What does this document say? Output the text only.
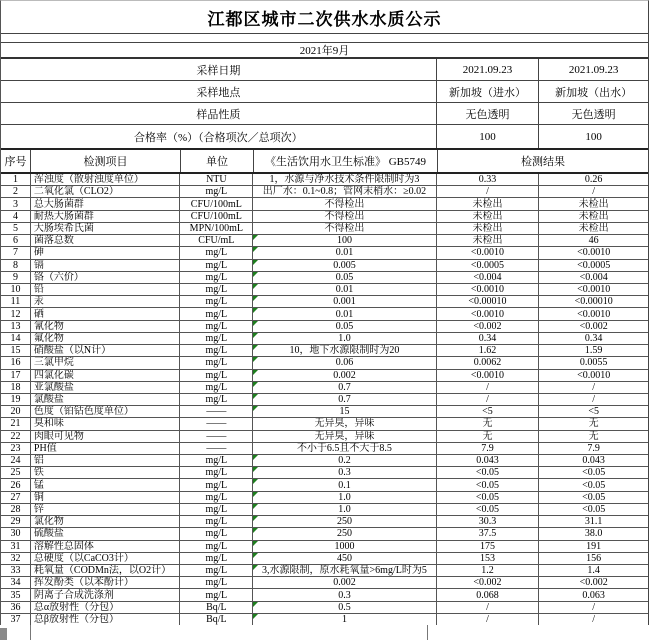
江都区城市二次供水水质公示
2021年9月
采样日期	2021.09.23	2021.09.23
采样地点	新加坡（进水）	新加坡（出水）
样品性质	无色透明	无色透明
合格率（%）（合格项次／总项次）	100	100
序号	检测项目	单位	《生活饮用水卫生标准》 GB5749	检测结果
1	浑浊度（散射浊度单位）	NTU	1，水源与净水技术条件限制时为3	0.33	0.26
2	二氧化氯（CLO2）	mg/L	出厂水：0.1~0.8；管网末梢水：≥0.02	/	/
3	总大肠菌群	CFU/100mL	不得检出	未检出	未检出
4	耐热大肠菌群	CFU/100mL	不得检出	未检出	未检出
5	大肠埃希氏菌	MPN/100mL	不得检出	未检出	未检出
6	菌落总数	CFU/mL	100	未检出	46
7	砷	mg/L	0.01	<0.0010	<0.0010
8	镉	mg/L	0.005	<0.0005	<0.0005
9	铬（六价）	mg/L	0.05	<0.004	<0.004
10	铅	mg/L	0.01	<0.0010	<0.0010
11	汞	mg/L	0.001	<0.00010	<0.00010
12	硒	mg/L	0.01	<0.0010	<0.0010
13	氰化物	mg/L	0.05	<0.002	<0.002
14	氟化物	mg/L	1.0	0.34	0.34
15	硝酸盐（以N计）	mg/L	10，地下水源限制时为20	1.62	1.59
16	三氯甲烷	mg/L	0.06	0.0062	0.0055
17	四氯化碳	mg/L	0.002	<0.0010	<0.0010
18	亚氯酸盐	mg/L	0.7	/	/
19	氯酸盐	mg/L	0.7	/	/
20	色度（铂钴色度单位）	——	15	<5	<5
21	臭和味	——	无异臭，异味	无	无
22	肉眼可见物	——	无异臭，异味	无	无
23	PH值	——	不小于6.5且不大于8.5	7.9	7.9
24	铝	mg/L	0.2	0.043	0.043
25	铁	mg/L	0.3	<0.05	<0.05
26	锰	mg/L	0.1	<0.05	<0.05
27	铜	mg/L	1.0	<0.05	<0.05
28	锌	mg/L	1.0	<0.05	<0.05
29	氯化物	mg/L	250	30.3	31.1
30	硫酸盐	mg/L	250	37.5	38.0
31	溶解性总固体	mg/L	1000	175	191
32	总硬度（以CaCO3计）	mg/L	450	153	156
33	耗氧量（CODMn法，以O2计）	mg/L	3,水源限制，原水耗氧量>6mg/L时为5	1.2	1.4
34	挥发酚类（以苯酚计）	mg/L	0.002	<0.002	<0.002
35	阴离子合成洗涤剂	mg/L	0.3	0.068	0.063
36	总α放射性（分包）	Bq/L	0.5	/	/
37	总β放射性（分包）	Bq/L	1	/	/
